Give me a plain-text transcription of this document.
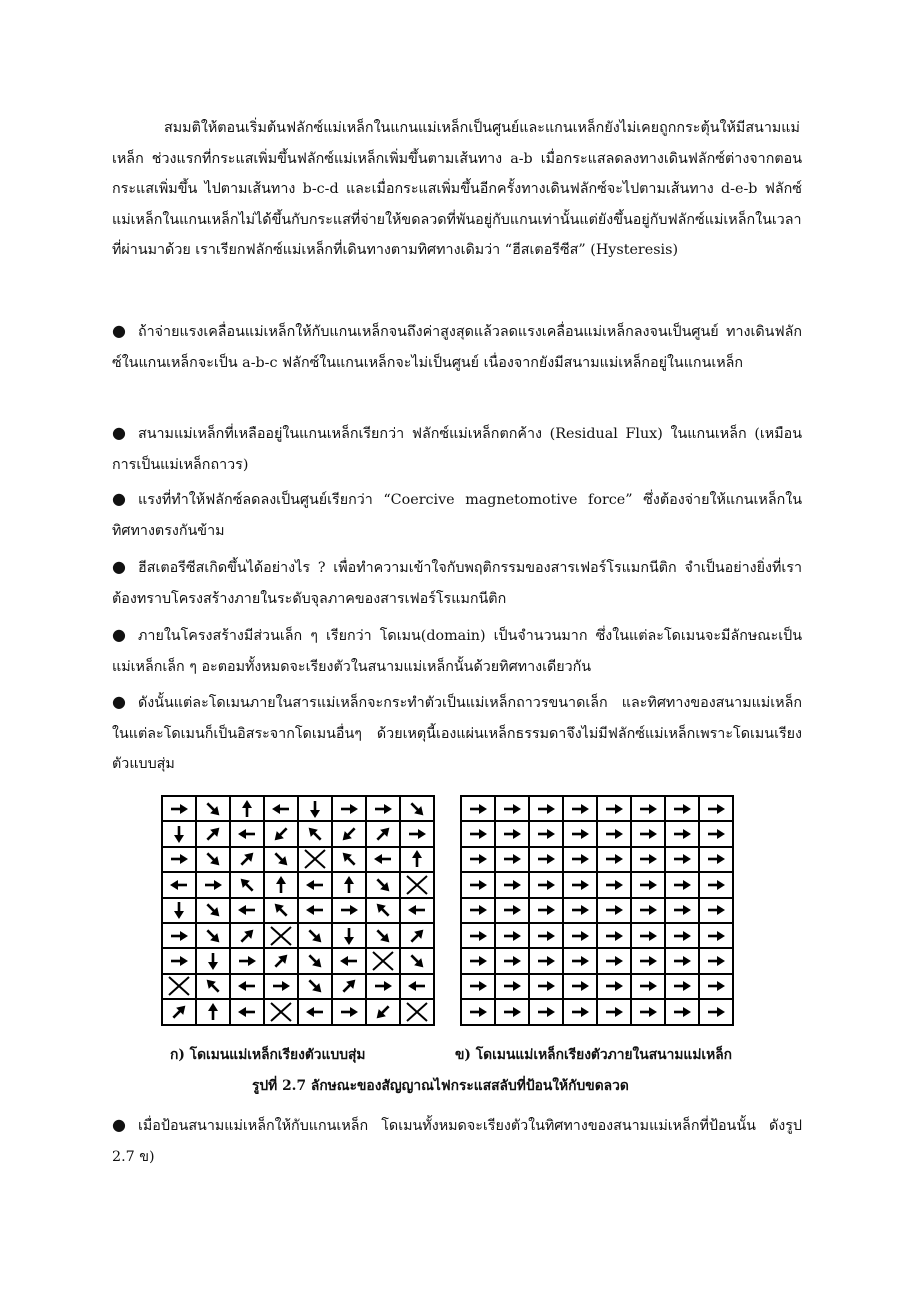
สมมติให้ตอนเริ่มต้นฟลักซ์แม่เหล็กในแกนแม่เหล็กเป็นศูนย์และแกนเหล็กยังไม่เคยถูกกระตุ้นให้มีสนามแม่เหล็ก ช่วงแรกที่กระแสเพิ่มขึ้นฟลักซ์แม่เหล็กเพิ่มขึ้นตามเส้นทาง a-b เมื่อกระแสลดลงทางเดินฟลักซ์ต่างจากตอนกระแสเพิ่มขึ้น ไปตามเส้นทาง b-c-d และเมื่อกระแสเพิ่มขึ้นอีกครั้งทางเดินฟลักซ์จะไปตามเส้นทาง d-e-b ฟลักซ์แม่เหล็กในแกนเหล็กไม่ได้ขึ้นกับกระแสที่จ่ายให้ขดลวดที่พันอยู่กับแกนเท่านั้นแต่ยังขึ้นอยู่กับฟลักซ์แม่เหล็กในเวลาที่ผ่านมาด้วย เราเรียกฟลักซ์แม่เหล็กที่เดินทางตามทิศทางเดิมว่า “ฮีสเตอรีซีส” (Hysteresis)

● ถ้าจ่ายแรงเคลื่อนแม่เหล็กให้กับแกนเหล็กจนถึงค่าสูงสุดแล้วลดแรงเคลื่อนแม่เหล็กลงจนเป็นศูนย์ ทางเดินฟลักซ์ในแกนเหล็กจะเป็น a-b-c ฟลักซ์ในแกนเหล็กจะไม่เป็นศูนย์ เนื่องจากยังมีสนามแม่เหล็กอยู่ในแกนเหล็ก

● สนามแม่เหล็กที่เหลืออยู่ในแกนเหล็กเรียกว่า ฟลักซ์แม่เหล็กตกค้าง (Residual Flux) ในแกนเหล็ก (เหมือนการเป็นแม่เหล็กถาวร)

● แรงที่ทำให้ฟลักซ์ลดลงเป็นศูนย์เรียกว่า “Coercive magnetomotive force” ซึ่งต้องจ่ายให้แกนเหล็กในทิศทางตรงกันข้าม

● ฮีสเตอรีซีสเกิดขึ้นได้อย่างไร ? เพื่อทำความเข้าใจกับพฤติกรรมของสารเฟอร์โรแมกนีติก จำเป็นอย่างยิ่งที่เราต้องทราบโครงสร้างภายในระดับจุลภาคของสารเฟอร์โรแมกนีติก

● ภายในโครงสร้างมีส่วนเล็ก ๆ เรียกว่า โดเมน(domain) เป็นจำนวนมาก ซึ่งในแต่ละโดเมนจะมีลักษณะเป็นแม่เหล็กเล็ก ๆ อะตอมทั้งหมดจะเรียงตัวในสนามแม่เหล็กนั้นด้วยทิศทางเดียวกัน

● ดังนั้นแต่ละโดเมนภายในสารแม่เหล็กจะกระทำตัวเป็นแม่เหล็กถาวรขนาดเล็ก และทิศทางของสนามแม่เหล็กในแต่ละโดเมนก็เป็นอิสระจากโดเมนอื่นๆ ด้วยเหตุนี้เองแผ่นเหล็กธรรมดาจึงไม่มีฟลักซ์แม่เหล็กเพราะโดเมนเรียงตัวแบบสุ่ม

ก) โดเมนแม่เหล็กเรียงตัวแบบสุ่ม	ข) โดเมนแม่เหล็กเรียงตัวภายในสนามแม่เหล็ก
รูปที่ 2.7 ลักษณะของสัญญาณไฟกระแสสลับที่ป้อนให้กับขดลวด

● เมื่อป้อนสนามแม่เหล็กให้กับแกนเหล็ก โดเมนทั้งหมดจะเรียงตัวในทิศทางของสนามแม่เหล็กที่ป้อนนั้น ดังรูป 2.7 ข)
